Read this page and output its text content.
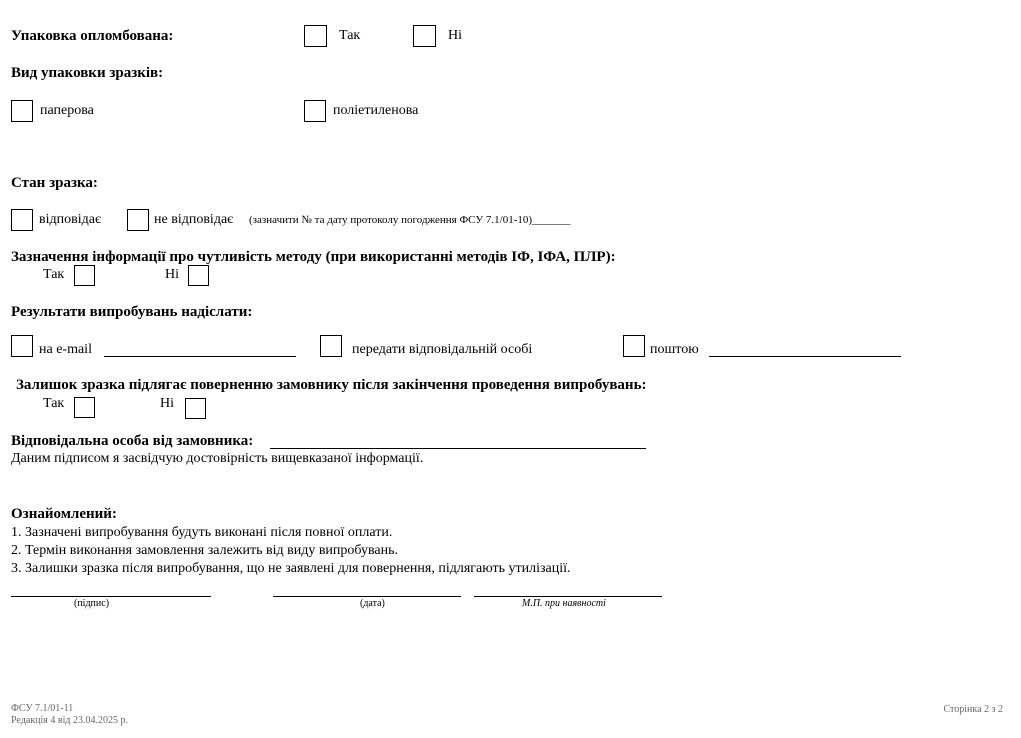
Упаковка опломбована:	Так	Ні
Вид упаковки зразків:
паперова	поліетиленова
Стан зразка:
відповідає	не відповідає (зазначити № та дату протоколу погодження ФСУ 7.1/01-10)_______
Зазначення інформації про чутливість методу (при використанні методів ІФ, ІФА, ПЛР):
Так	Ні
Результати випробувань надіслати:
на e-mail	передати відповідальній особі	поштою
Залишок зразка підлягає поверненню замовнику після закінчення проведення випробувань:
Так	Ні
Відповідальна особа від замовника:
Даним підписом я засвідчую достовірність вищевказаної інформації.
Ознайомлений:
1. Зазначені випробування будуть виконані після повної оплати.
2. Термін виконання замовлення залежить від виду випробувань.
3. Залишки зразка після випробування, що не заявлені для повернення, підлягають утилізації.
(підпис)	(дата)	М.П. при наявності
ФСУ 7.1/01-11
Редакція 4 від 23.04.2025 р.
Сторінка 2 з 2
